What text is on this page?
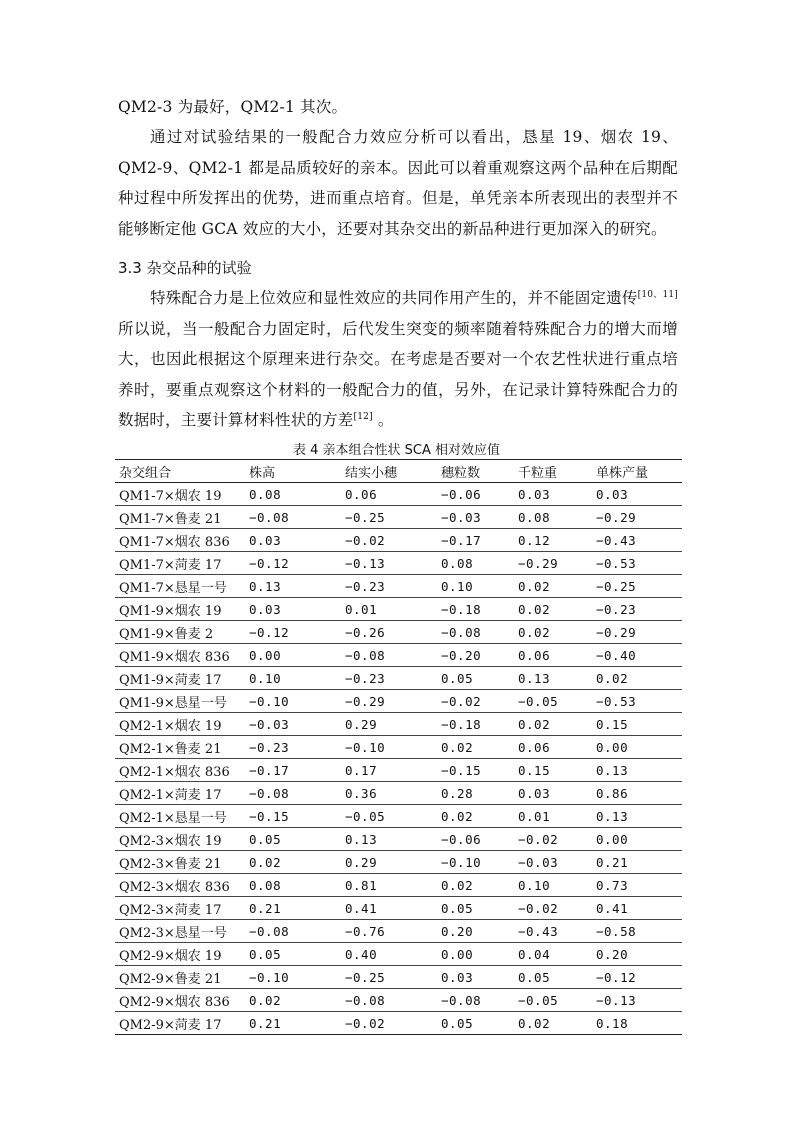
QM2-3 为最好，QM2-1 其次。

通过对试验结果的一般配合力效应分析可以看出，恳星 19、烟农 19、QM2-9、QM2-1 都是品质较好的亲本。因此可以着重观察这两个品种在后期配种过程中所发挥出的优势，进而重点培育。但是，单凭亲本所表现出的表型并不能够断定他 GCA 效应的大小，还要对其杂交出的新品种进行更加深入的研究。

3.3 杂交品种的试验

特殊配合力是上位效应和显性效应的共同作用产生的，并不能固定遗传[10、11]所以说，当一般配合力固定时，后代发生突变的频率随着特殊配合力的增大而增大，也因此根据这个原理来进行杂交。在考虑是否要对一个农艺性状进行重点培养时，要重点观察这个材料的一般配合力的值，另外，在记录计算特殊配合力的数据时，主要计算材料性状的方差[12] 。

表 4 亲本组合性状 SCA 相对效应值
杂交组合	株高	结实小穗	穗粒数	千粒重	单株产量
QM1-7×烟农 19	0.08	0.06	−0.06	0.03	0.03
QM1-7×鲁麦 21	−0.08	−0.25	−0.03	0.08	−0.29
QM1-7×烟农 836	0.03	−0.02	−0.17	0.12	−0.43
QM1-7×菏麦 17	−0.12	−0.13	0.08	−0.29	−0.53
QM1-7×恳星一号	0.13	−0.23	0.10	0.02	−0.25
QM1-9×烟农 19	0.03	0.01	−0.18	0.02	−0.23
QM1-9×鲁麦 2	−0.12	−0.26	−0.08	0.02	−0.29
QM1-9×烟农 836	0.00	−0.08	−0.20	0.06	−0.40
QM1-9×菏麦 17	0.10	−0.23	0.05	0.13	0.02
QM1-9×恳星一号	−0.10	−0.29	−0.02	−0.05	−0.53
QM2-1×烟农 19	−0.03	0.29	−0.18	0.02	0.15
QM2-1×鲁麦 21	−0.23	−0.10	0.02	0.06	0.00
QM2-1×烟农 836	−0.17	0.17	−0.15	0.15	0.13
QM2-1×菏麦 17	−0.08	0.36	0.28	0.03	0.86
QM2-1×恳星一号	−0.15	−0.05	0.02	0.01	0.13
QM2-3×烟农 19	0.05	0.13	−0.06	−0.02	0.00
QM2-3×鲁麦 21	0.02	0.29	−0.10	−0.03	0.21
QM2-3×烟农 836	0.08	0.81	0.02	0.10	0.73
QM2-3×菏麦 17	0.21	0.41	0.05	−0.02	0.41
QM2-3×恳星一号	−0.08	−0.76	0.20	−0.43	−0.58
QM2-9×烟农 19	0.05	0.40	0.00	0.04	0.20
QM2-9×鲁麦 21	−0.10	−0.25	0.03	0.05	−0.12
QM2-9×烟农 836	0.02	−0.08	−0.08	−0.05	−0.13
QM2-9×菏麦 17	0.21	−0.02	0.05	0.02	0.18
